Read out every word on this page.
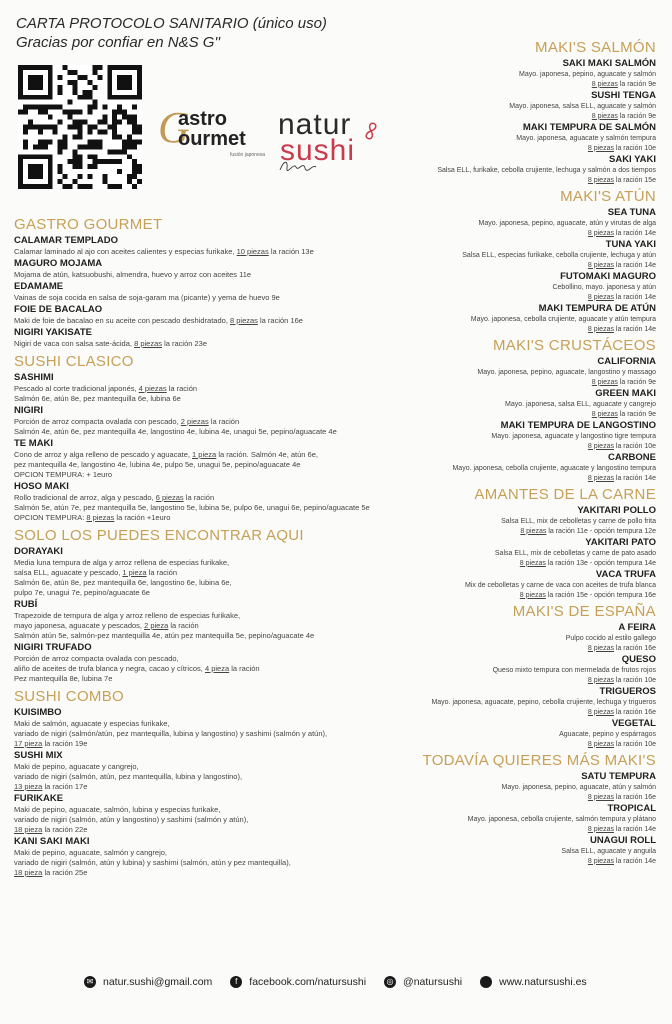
CARTA PROTOCOLO SANITARIO (único uso)
Gracias por confiar en N&S G''
G
astro
ourmet
fusión japonesa
natur
sushi
GASTRO GOURMET
CALAMAR TEMPLADO
Calamar laminado al ajo con aceites calientes y especias furikake, 10 piezas la ración 13e
MAGURO MOJAMA
Mojama de atún, katsuobushi, almendra, huevo y arroz con aceites 11e
EDAMAME
Vainas de soja cocida en salsa de soja-garam ma (picante) y yema de huevo 9e
FOIE DE BACALAO
Maki de foie de bacalao en su aceite con pescado deshidratado, 8 piezas la ración 16e
NIGIRI YAKISATE
Nigiri de vaca con salsa sate-ácida, 8 piezas la ración 23e
SUSHI CLASICO
SASHIMI
Pescado al corte tradicional japonés, 4 piezas la ración
Salmón 6e, atún 8e, pez mantequilla 6e, lubina 6e
NIGIRI
Porción de arroz compacta ovalada con pescado, 2 piezas la ración
Salmón 4e, atún 6e, pez mantequilla 4e, langostino 4e, lubina 4e, unagui 5e, pepino/aguacate 4e
TE MAKI
Cono de arroz y alga relleno de pescado y aguacate, 1 pieza la ración. Salmón 4e, atún 6e,
pez mantequilla 4e, langostino 4e, lubina 4e, pulpo 5e, unagui 5e, pepino/aguacate 4e
OPCION TEMPURA: + 1euro
HOSO MAKI
Rollo tradicional de arroz, alga y pescado, 6 piezas la ración
Salmón 5e, atún 7e, pez mantequilla 5e, langostino 5e, lubina 5e, pulpo 6e, unagui 6e, pepino/aguacate 5e
OPCION TEMPURA: 8 piezas la ración +1euro
SOLO LOS PUEDES ENCONTRAR AQUI
DORAYAKI
Media luna tempura de alga y arroz rellena de especias furikake,
salsa ELL, aguacate y pescado, 1 pieza la ración
Salmón 6e, atún 8e, pez mantequilla 6e, langostino 6e, lubina 6e,
pulpo 7e, unagui 7e, pepino/aguacate 6e
RUBÍ
Trapezoide de tempura de alga y arroz relleno de especias furikake,
mayo japonesa, aguacate y pescados, 2 pieza la ración
Salmón atún 5e, salmón-pez mantequilla 4e, atún pez mantequilla 5e, pepino/aguacate 4e
NIGIRI TRUFADO
Porción de arroz compacta ovalada con pescado,
aliño de aceites de trufa blanca y negra, cacao y cítricos, 4 pieza la ración
Pez mantequilla 8e, lubina 7e
SUSHI COMBO
KUISIMBO
Maki de salmón, aguacate y especias furikake,
variado de nigiri (salmón/atún, pez mantequilla, lubina y langostino) y sashimi (salmón y atún),
17 pieza la ración 19e
SUSHI MIX
Maki de pepino, aguacate y cangrejo,
variado de nigiri (salmón, atún, pez mantequilla, lubina y langostino),
13 pieza la ración 17e
FURIKAKE
Maki de pepino, aguacate, salmón, lubina y especias furikake,
variado de nigiri (salmón, atún y langostino) y sashimi (salmón y atún),
18 pieza la ración 22e
KANI SAKI MAKI
Maki de pepino, aguacate, salmón y cangrejo,
variado de nigiri (salmón, atún y lubina) y sashimi (salmón, atún y pez mantequilla),
18 pieza la ración 25e
MAKI'S SALMÓN
SAKI MAKI SALMÓN
Mayo. japonesa, pepino, aguacate y salmón
8 piezas la ración 9e
SUSHI TENGA
Mayo. japonesa, salsa ELL, aguacate y salmón
8 piezas la ración 9e
MAKI TEMPURA DE SALMÓN
Mayo. japonesa, aguacate y salmón tempura
8 piezas la ración 10e
SAKI YAKI
Salsa ELL, furikake, cebolla crujiente, lechuga y salmón a dos tiempos
8 piezas la ración 15e
MAKI'S ATÚN
SEA TUNA
Mayo. japonesa, pepino, aguacate, atún y virutas de alga
8 piezas la ración 14e
TUNA YAKI
Salsa ELL, especias furikake, cebolla crujiente, lechuga y atún
8 piezas la ración 14e
FUTOMAKI MAGURO
Cebollino, mayo. japonesa y atún
8 piezas la ración 14e
MAKI TEMPURA DE ATÚN
Mayo. japonesa, cebolla crujiente, aguacate y atún tempura
8 piezas la ración 14e
MAKI'S CRUSTÁCEOS
CALIFORNIA
Mayo. japonesa, pepino, aguacate, langostino y massago
8 piezas la ración 9e
GREEN MAKI
Mayo. japonesa, salsa ELL, aguacate y cangrejo
8 piezas la ración 9e
MAKI TEMPURA DE LANGOSTINO
Mayo. japonesa, aguacate y langostino tigre tempura
8 piezas la ración 10e
CARBONE
Mayo. japonesa, cebolla crujiente, aguacate y langostino tempura
8 piezas la ración 14e
AMANTES DE LA CARNE
YAKITARI POLLO
Salsa ELL, mix de cebolletas y carne de pollo frita
8 piezas la ración 11e - opción tempura 12e
YAKITARI PATO
Salsa ELL, mix de cebolletas y carne de pato asado
8 piezas la ración 13e - opción tempura 14e
VACA TRUFA
Mix de cebolletas y carne de vaca con aceites de trufa blanca
8 piezas la ración 15e - opción tempura 16e
MAKI'S DE ESPAÑA
A FEIRA
Pulpo cocido al estilo gallego
8 piezas la ración 16e
QUESO
Queso mixto tempura con mermelada de frutos rojos
8 piezas la ración 10e
TRIGUEROS
Mayo. japonesa, aguacate, pepino, cebolla crujiente, lechuga y trigueros
8 piezas la ración 16e
VEGETAL
Aguacate, pepino y espárragos
8 piezas la ración 10e
TODAVÍA QUIERES MÁS MAKI'S
SATU TEMPURA
Mayo. japonesa, pepino, aguacate, atún y salmón
8 piezas la ración 16e
TROPICAL
Mayo. japonesa, cebolla crujiente, salmón tempura y plátano
8 piezas la ración 14e
UNAGUI ROLL
Salsa ELL, aguacate y anguila
8 piezas la ración 14e
✉ natur.sushi@gmail.com	f	facebook.com/natursushi	◎ @natursushi	www.natursushi.es
